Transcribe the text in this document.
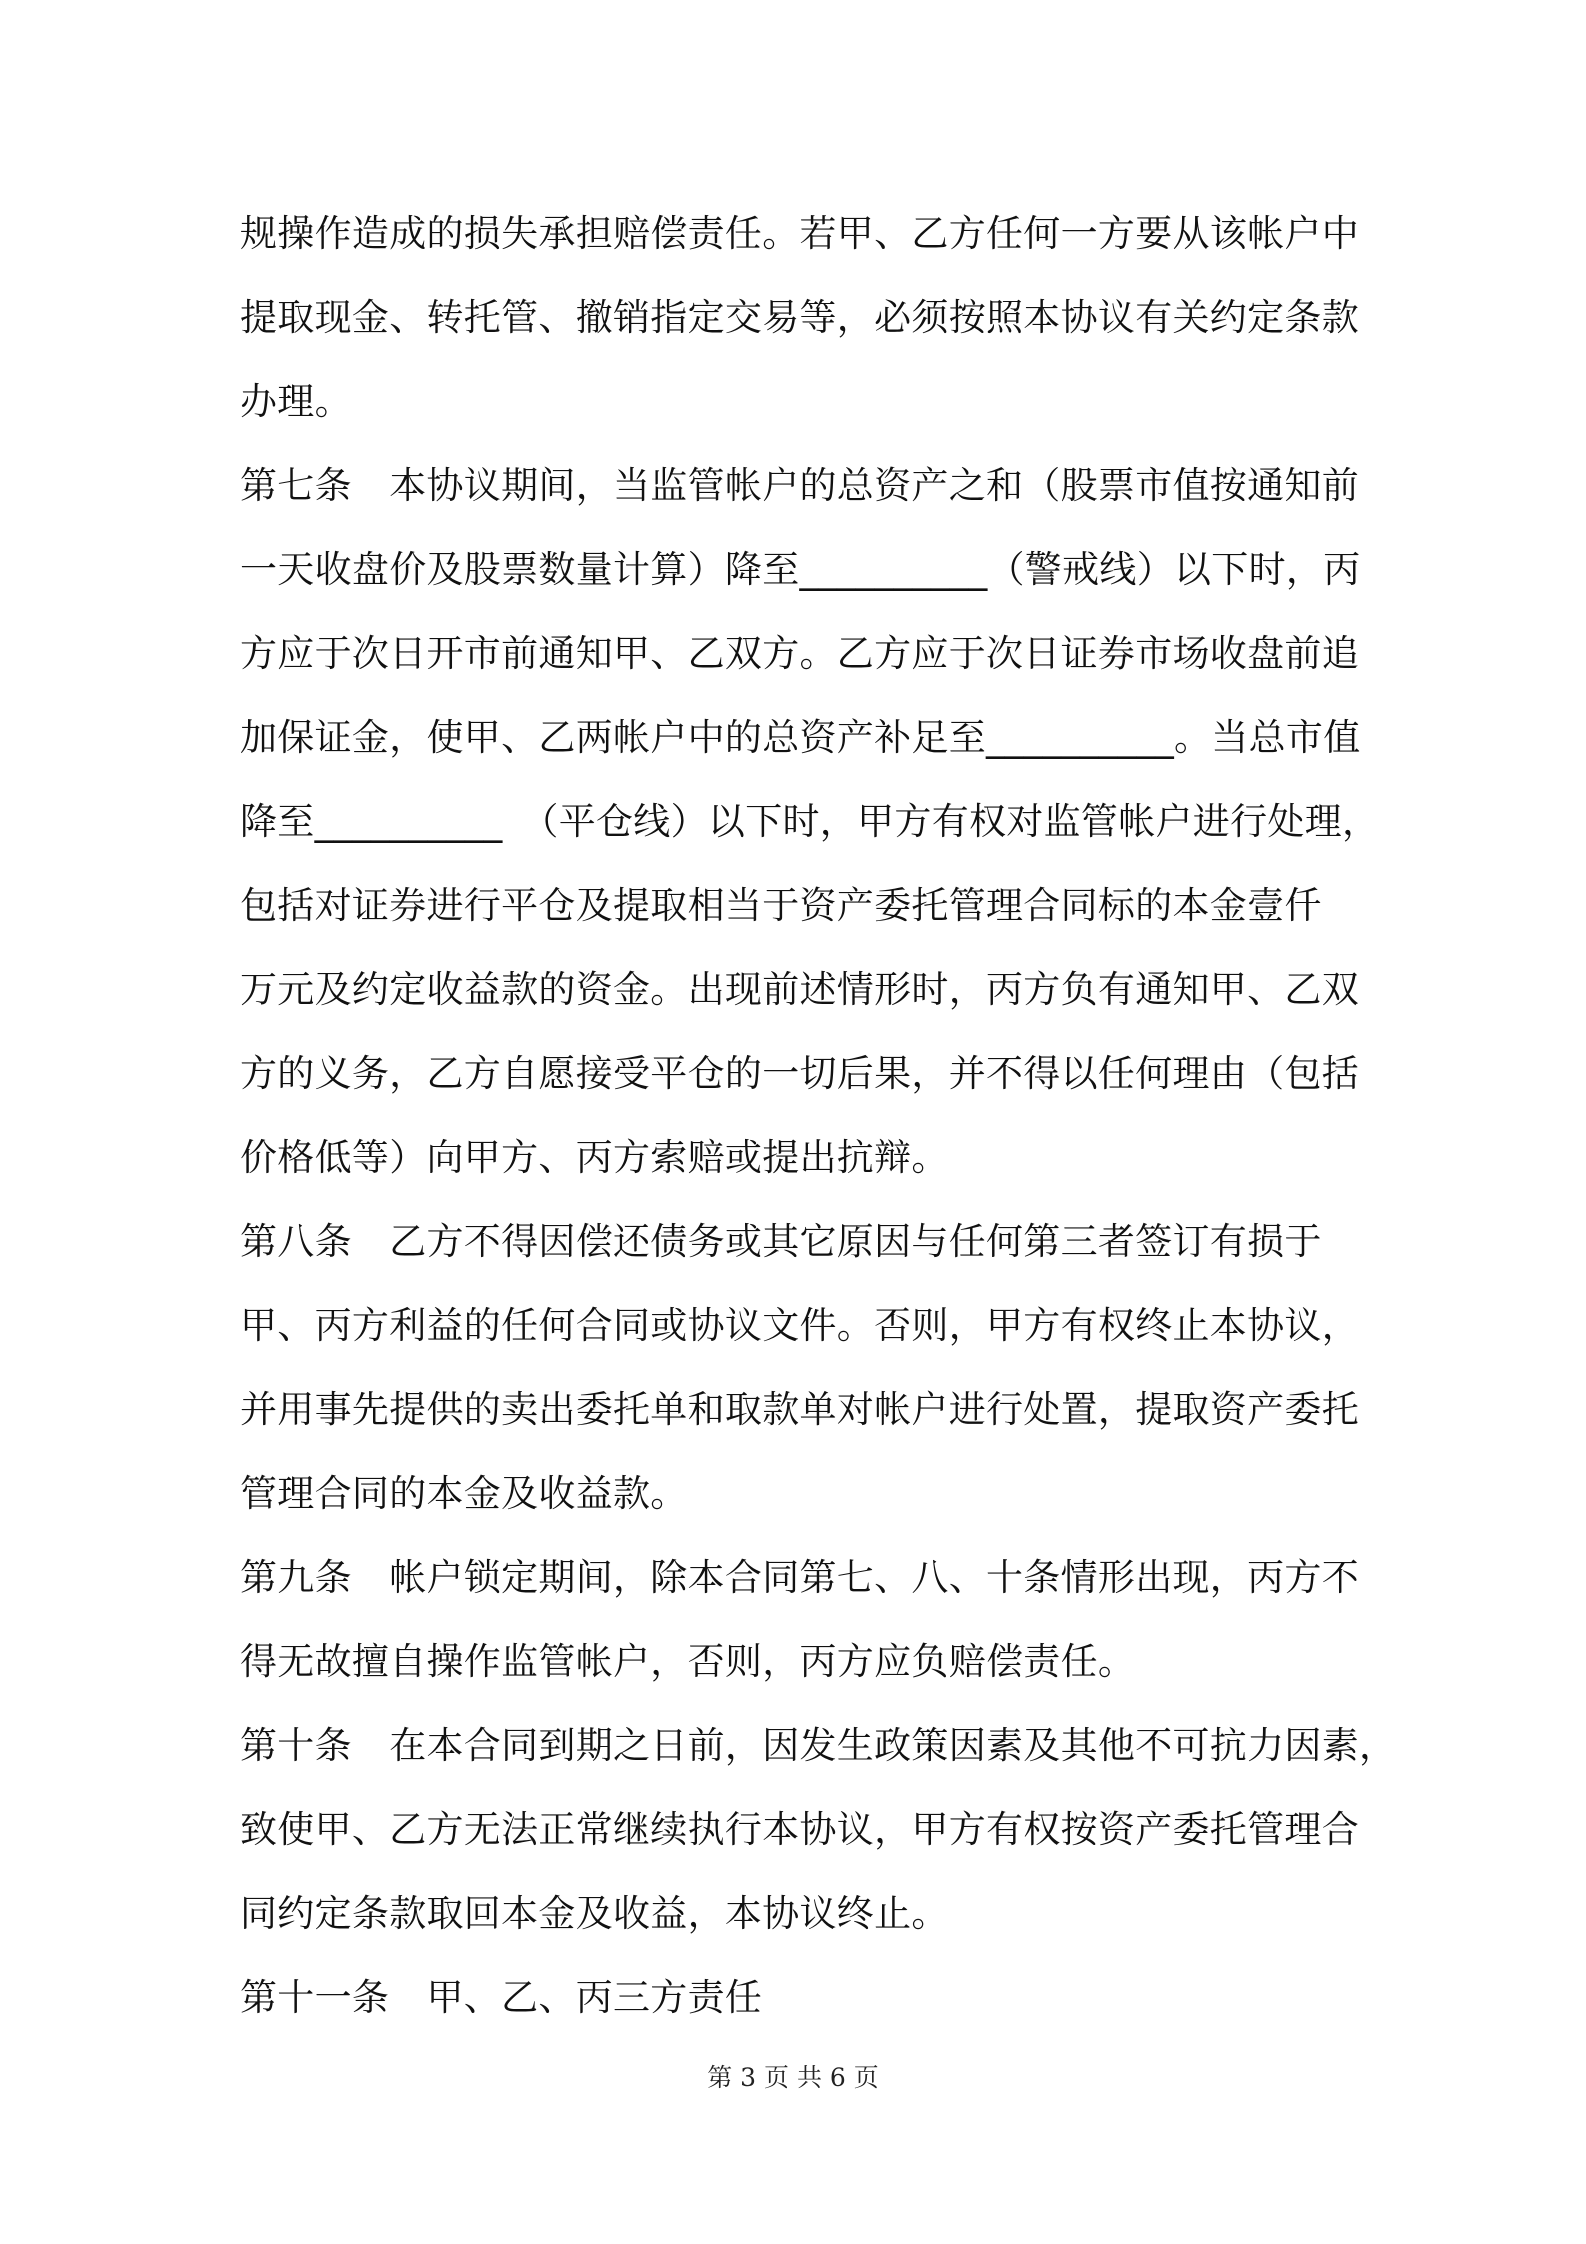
规操作造成的损失承担赔偿责任。若甲、乙方任何一方要从该帐户中
提取现金、转托管、撤销指定交易等，必须按照本协议有关约定条款
办理。
第七条　本协议期间，当监管帐户的总资产之和（股票市值按通知前
一天收盘价及股票数量计算）降至__________（警戒线）以下时，丙
方应于次日开市前通知甲、乙双方。乙方应于次日证券市场收盘前追
加保证金，使甲、乙两帐户中的总资产补足至__________。当总市值
降至__________　（平仓线）以下时，甲方有权对监管帐户进行处理，
包括对证券进行平仓及提取相当于资产委托管理合同标的本金壹仟
万元及约定收益款的资金。出现前述情形时，丙方负有通知甲、乙双
方的义务，乙方自愿接受平仓的一切后果，并不得以任何理由（包括
价格低等）向甲方、丙方索赔或提出抗辩。
第八条　乙方不得因偿还债务或其它原因与任何第三者签订有损于
甲、丙方利益的任何合同或协议文件。否则，甲方有权终止本协议，
并用事先提供的卖出委托单和取款单对帐户进行处置，提取资产委托
管理合同的本金及收益款。
第九条　帐户锁定期间，除本合同第七、八、十条情形出现，丙方不
得无故擅自操作监管帐户，否则，丙方应负赔偿责任。
第十条　在本合同到期之日前，因发生政策因素及其他不可抗力因素，
致使甲、乙方无法正常继续执行本协议，甲方有权按资产委托管理合
同约定条款取回本金及收益，本协议终止。
第十一条　甲、乙、丙三方责任
第 3 页 共 6 页
